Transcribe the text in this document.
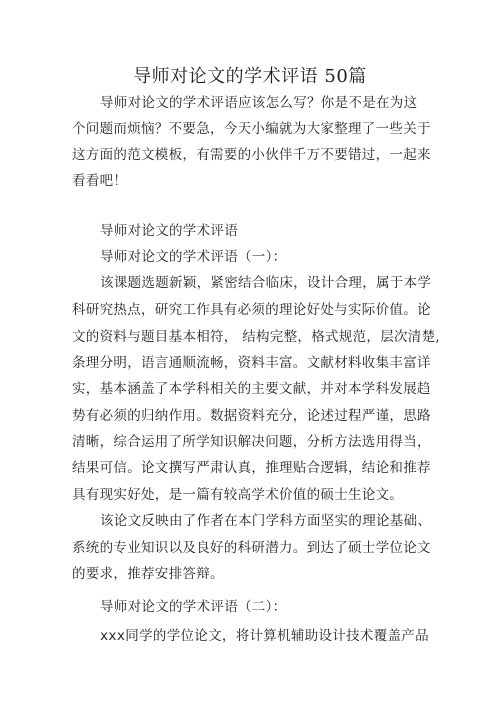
导师对论文的学术评语 50篇
导师对论文的学术评语应该怎么写？你是不是在为这
个问题而烦恼？不要急，今天小编就为大家整理了一些关于
这方面的范文模板，有需要的小伙伴千万不要错过，一起来
看看吧！
导师对论文的学术评语
导师对论文的学术评语（一）：
该课题选题新颖，紧密结合临床，设计合理，属于本学
科研究热点，研究工作具有必须的理论好处与实际价值。论
文的资料与题目基本相符， 结构完整，格式规范，层次清楚,
条理分明，语言通顺流畅，资料丰富。文献材料收集丰富详
实，基本涵盖了本学科相关的主要文献，并对本学科发展趋
势有必须的归纳作用。数据资料充分，论述过程严谨，思路
清晰，综合运用了所学知识解决问题，分析方法选用得当，
结果可信。论文撰写严肃认真，推理贴合逻辑，结论和推荐
具有现实好处，是一篇有较高学术价值的硕士生论文。
该论文反映由了作者在本门学科方面坚实的理论基础、
系统的专业知识以及良好的科研潜力。到达了硕士学位论文
的要求，推荐安排答辩。
导师对论文的学术评语（二）：
xxx同学的学位论文，将计算机辅助设计技术覆盖产品
